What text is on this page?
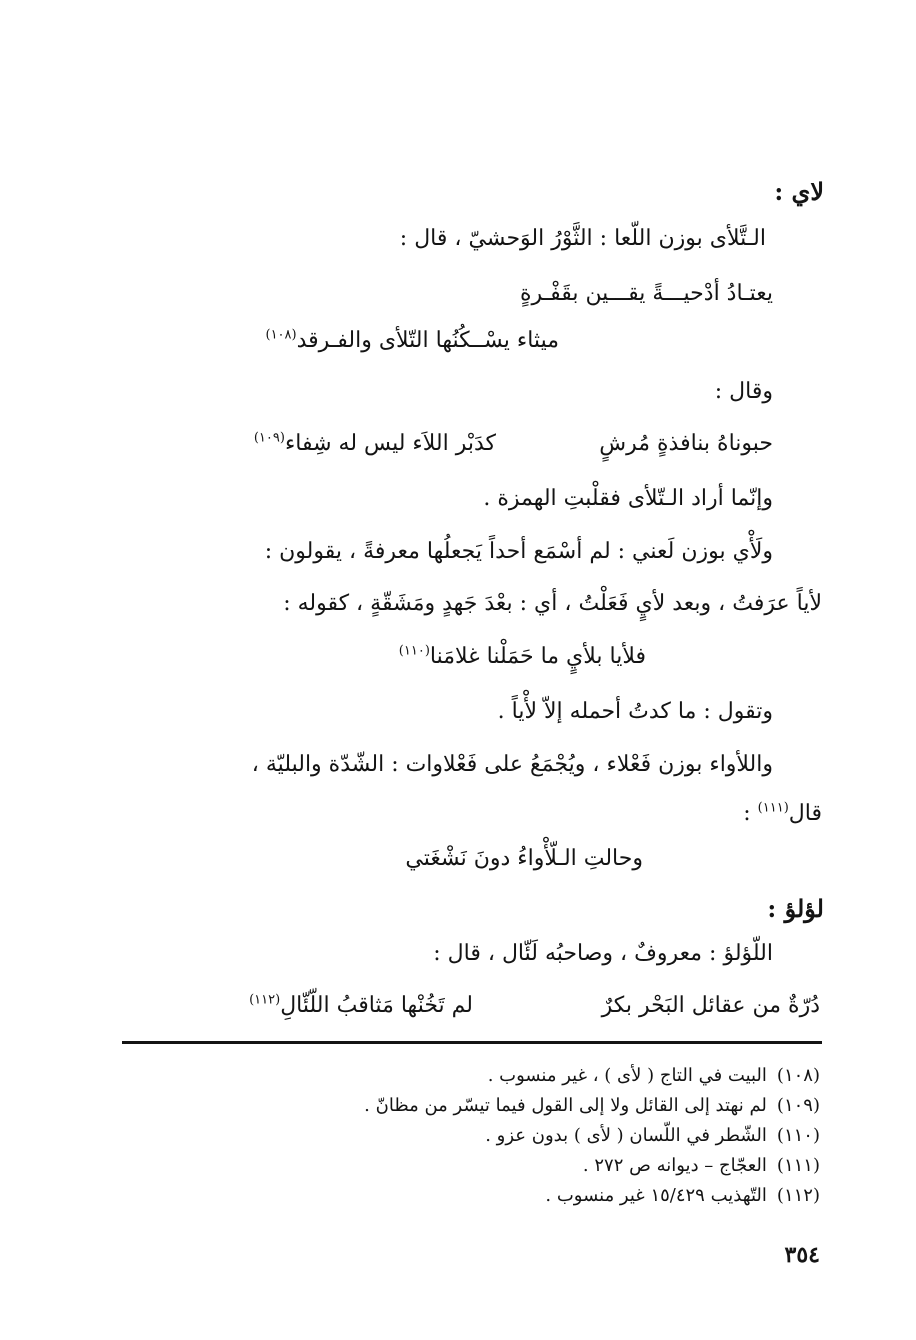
لاي :
الـتَّلأى بوزن اللّعا : الثَّوْرُ الوَحشيّ ، قال :
يعتـادُ أدْحيـــةً يقـــين بقَفْـرةٍ
ميثاء يسْــكُنُها التّلأى والفـرقد$^{(١٠٨)}$
وقال :
حبوناهُ بنافذةٍ مُرشٍ
كدَبْر اللاَء ليس له شِفاء$^{(١٠٩)}$
وإنّما أراد الـتّلأى فقلْبتِ الهمزة .
ولَأْي بوزن لَعني : لم أسْمَع أحداً يَجعلُها معرفةً ، يقولون :
لأياً عرَفتُ ، وبعد لأيٍ فَعَلْتُ ، أي : بعْدَ جَهدٍ ومَشَقّةٍ ، كقوله :
فلأيا بلأيٍ ما حَمَلْنا غلامَنا$^{(١١٠)}$
وتقول : ما كدتُ أحمله إلاّ لأْياً .
واللأواء بوزن فَعْلاء ، ويُجْمَعُ على فَعْلاوات : الشّدّة والبليّة ،
قال$^{(١١١)}$ :
وحالتِ الـلّأْواءُ دونَ نَشْغَتي
لؤلؤ :
اللّؤلؤ : معروفٌ ، وصاحبُه لَئّال ، قال :
دُرّةٌ من عقائل البَحْر بكرٌ
لم تَخُنْها مَثاقبُ اللّئّالِ$^{(١١٢)}$
(١٠٨)البيت في التاج ( لأى ) ، غير منسوب .
(١٠٩)لم نهتد إلى القائل ولا إلى القول فيما تيسّر من مظانّ .
(١١٠)الشّطر في اللّسان ( لأى ) بدون عزو .
(١١١)العجّاج – ديوانه ص ٢٧٢ .
(١١٢)التّهذيب ١٥/٤٢٩ غير منسوب .
٣٥٤
